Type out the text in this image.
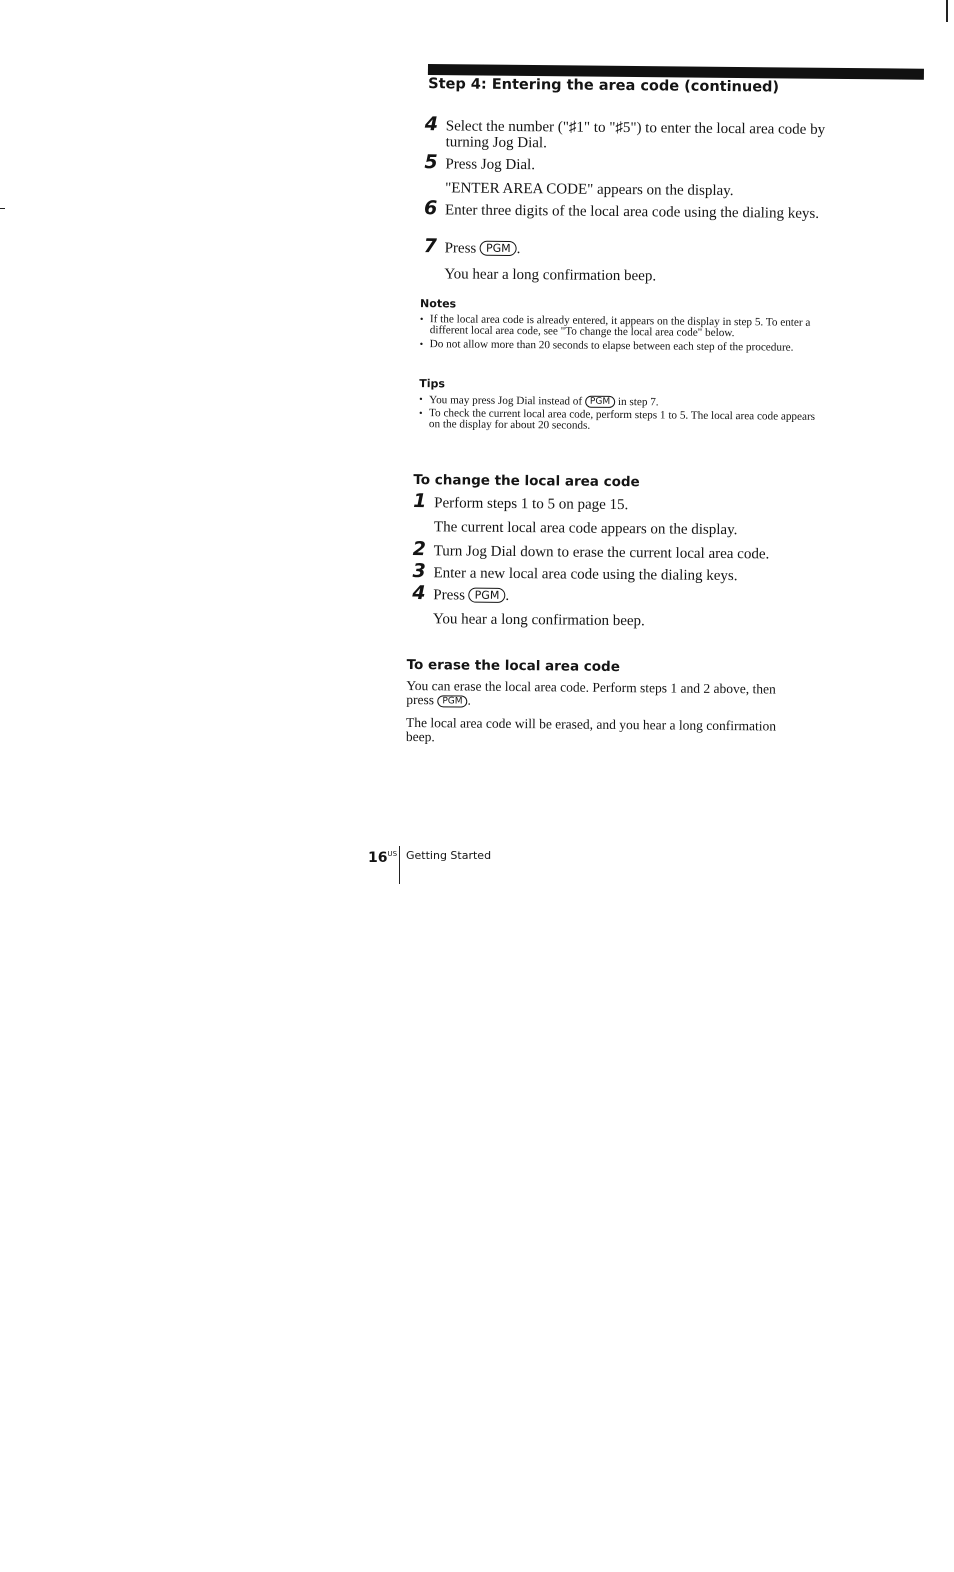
Step 4: Entering the area code (continued)
4 Select the number ("♯1" to "♯5") to enter the local area code by turning Jog Dial.
5 Press Jog Dial.
"ENTER AREA CODE" appears on the display.
6 Enter three digits of the local area code using the dialing keys.
7 Press PGM .
You hear a long confirmation beep.
Notes
• If the local area code is already entered, it appears on the display in step 5. To enter a different local area code, see "To change the local area code" below.
• Do not allow more than 20 seconds to elapse between each step of the procedure.
Tips
• You may press Jog Dial instead of PGM in step 7.
• To check the current local area code, perform steps 1 to 5. The local area code appears on the display for about 20 seconds.
To change the local area code
1 Perform steps 1 to 5 on page 15.
The current local area code appears on the display.
2 Turn Jog Dial down to erase the current local area code.
3 Enter a new local area code using the dialing keys.
4 Press PGM .
You hear a long confirmation beep.
To erase the local area code
You can erase the local area code. Perform steps 1 and 2 above, then press PGM .
The local area code will be erased, and you hear a long confirmation beep.
$16^{US}$ Getting Started
